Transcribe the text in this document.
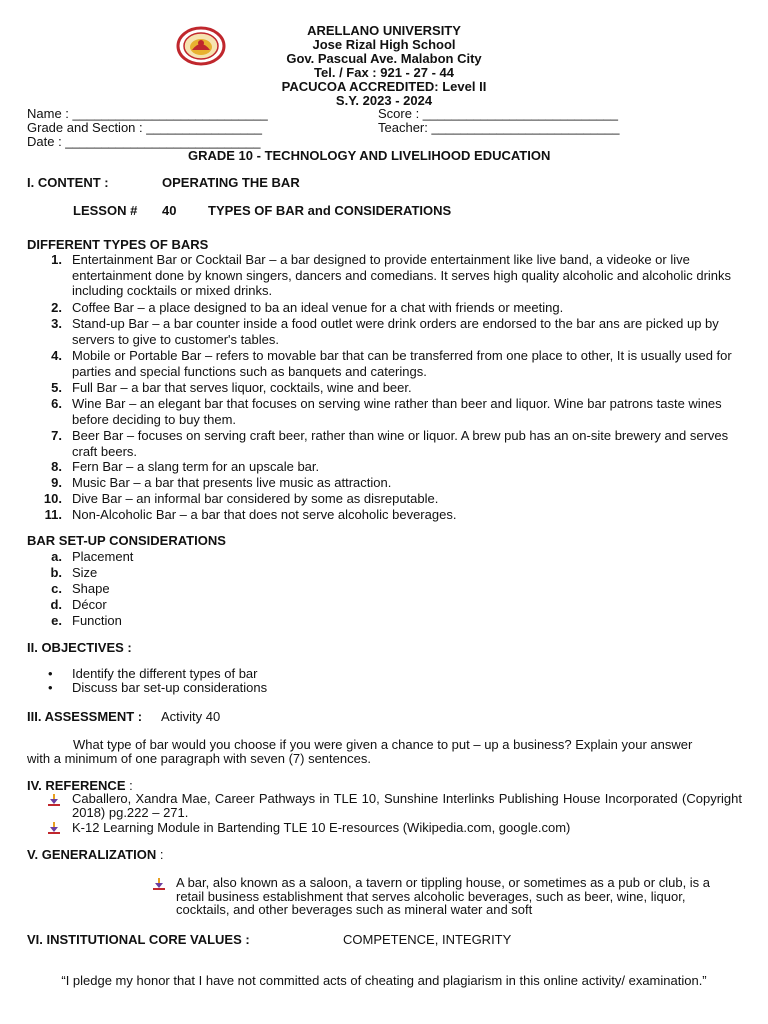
ARELLANO UNIVERSITY
Jose Rizal High School
Gov. Pascual Ave. Malabon City
Tel. / Fax : 921 - 27 - 44
PACUCOA ACCREDITED: Level II
S.Y. 2023 - 2024
Name : ___________________________	Score : ___________________________
Grade and Section : ________________	Teacher: __________________________
Date : ___________________________
GRADE 10 - TECHNOLOGY AND LIVELIHOOD EDUCATION
I. CONTENT :	OPERATING THE BAR
LESSON # 40 TYPES OF BAR and CONSIDERATIONS
DIFFERENT TYPES OF BARS
1. Entertainment Bar or Cocktail Bar – a bar designed to provide entertainment like live band, a videoke or live entertainment done by known singers, dancers and comedians. It serves high quality alcoholic and alcoholic drinks including cocktails or mixed drinks.
2. Coffee Bar – a place designed to ba an ideal venue for a chat with friends or meeting.
3. Stand-up Bar – a bar counter inside a food outlet were drink orders are endorsed to the bar ans are picked up by servers to give to customer's tables.
4. Mobile or Portable Bar – refers to movable bar that can be transferred from one place to other, It is usually used for parties and special functions such as banquets and caterings.
5. Full Bar – a bar that serves liquor, cocktails, wine and beer.
6. Wine Bar – an elegant bar that focuses on serving wine rather than beer and liquor. Wine bar patrons taste wines before deciding to buy them.
7. Beer Bar – focuses on serving craft beer, rather than wine or liquor. A brew pub has an on-site brewery and serves craft beers.
8. Fern Bar – a slang term for an upscale bar.
9. Music Bar – a bar that presents live music as attraction.
10. Dive Bar – an informal bar considered by some as disreputable.
11. Non-Alcoholic Bar – a bar that does not serve alcoholic beverages.
BAR SET-UP CONSIDERATIONS
a. Placement
b. Size
c. Shape
d. Décor
e. Function
II. OBJECTIVES :
• Identify the different types of bar
• Discuss bar set-up considerations
III. ASSESSMENT : Activity 40
What type of bar would you choose if you were given a chance to put – up a business? Explain your answer
with a minimum of one paragraph with seven (7) sentences.
IV. REFERENCE :
Caballero, Xandra Mae, Career Pathways in TLE 10, Sunshine Interlinks Publishing House Incorporated (Copyright 2018) pg.222 – 271.
K-12 Learning Module in Bartending TLE 10 E-resources (Wikipedia.com, google.com)
V. GENERALIZATION :
A bar, also known as a saloon, a tavern or tippling house, or sometimes as a pub or club, is a retail business establishment that serves alcoholic beverages, such as beer, wine, liquor, cocktails, and other beverages such as mineral water and soft
VI. INSTITUTIONAL CORE VALUES :	COMPETENCE, INTEGRITY
“I pledge my honor that I have not committed acts of cheating and plagiarism in this online activity/ examination.”
